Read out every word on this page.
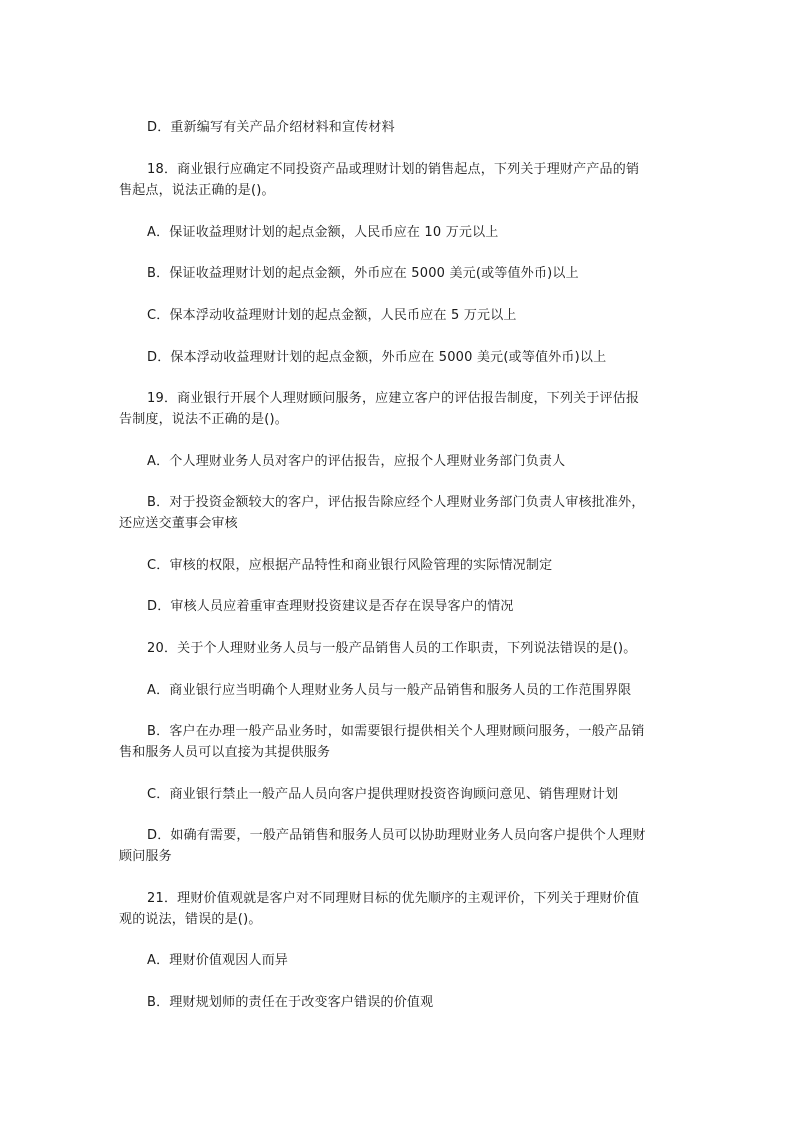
D．重新编写有关产品介绍材料和宣传材料
18．商业银行应确定不同投资产品或理财计划的销售起点，下列关于理财产产品的销
售起点，说法正确的是()。
A．保证收益理财计划的起点金额，人民币应在 10 万元以上
B．保证收益理财计划的起点金额，外币应在 5000 美元(或等值外币)以上
C．保本浮动收益理财计划的起点金额，人民币应在 5 万元以上
D．保本浮动收益理财计划的起点金额，外币应在 5000 美元(或等值外币)以上
19．商业银行开展个人理财顾问服务，应建立客户的评估报告制度，下列关于评估报
告制度，说法不正确的是()。
A．个人理财业务人员对客户的评估报告，应报个人理财业务部门负责人
B．对于投资金额较大的客户，评估报告除应经个人理财业务部门负责人审核批准外，
还应送交董事会审核
C．审核的权限，应根据产品特性和商业银行风险管理的实际情况制定
D．审核人员应着重审查理财投资建议是否存在误导客户的情况
20．关于个人理财业务人员与一般产品销售人员的工作职责，下列说法错误的是()。
A．商业银行应当明确个人理财业务人员与一般产品销售和服务人员的工作范围界限
B．客户在办理一般产品业务时，如需要银行提供相关个人理财顾问服务，一般产品销
售和服务人员可以直接为其提供服务
C．商业银行禁止一般产品人员向客户提供理财投资咨询顾问意见、销售理财计划
D．如确有需要，一般产品销售和服务人员可以协助理财业务人员向客户提供个人理财
顾问服务
21．理财价值观就是客户对不同理财目标的优先顺序的主观评价，下列关于理财价值
观的说法，错误的是()。
A．理财价值观因人而异
B．理财规划师的责任在于改变客户错误的价值观
